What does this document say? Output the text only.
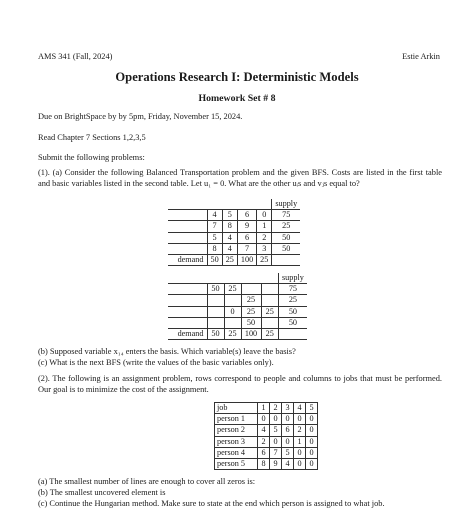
AMS 341 (Fall, 2024)	Estie Arkin
Operations Research I: Deterministic Models
Homework Set # 8
Due on BrightSpace by by 5pm, Friday, November 15, 2024.
Read Chapter 7 Sections 1,2,3,5
Submit the following problems:
(1). (a) Consider the following Balanced Transportation problem and the given BFS. Costs are listed in the first table and basic variables listed in the second table. Let u₁ = 0. What are the other uᵢs and vⱼs equal to?
					supply
	4	5	6	0	75
	7	8	9	1	25
	5	4	6	2	50
	8	4	7	3	50
demand	50	25	100	25	
					supply
	50	25			75
			25		25
		0	25	25	50
			50		50
demand	50	25	100	25	
(b) Supposed variable x₁₄ enters the basis. Which variable(s) leave the basis?
(c) What is the next BFS (write the values of the basic variables only).
(2). The following is an assignment problem, rows correspond to people and columns to jobs that must be performed. Our goal is to minimize the cost of the assignment.
job	1	2	3	4	5
person 1	0	0	0	0	0
person 2	4	5	6	2	0
person 3	2	0	0	1	0
person 4	6	7	5	0	0
person 5	8	9	4	0	0
(a) The smallest number of lines are enough to cover all zeros is:
(b) The smallest uncovered element is
(c) Continue the Hungarian method. Make sure to state at the end which person is assigned to what job.
